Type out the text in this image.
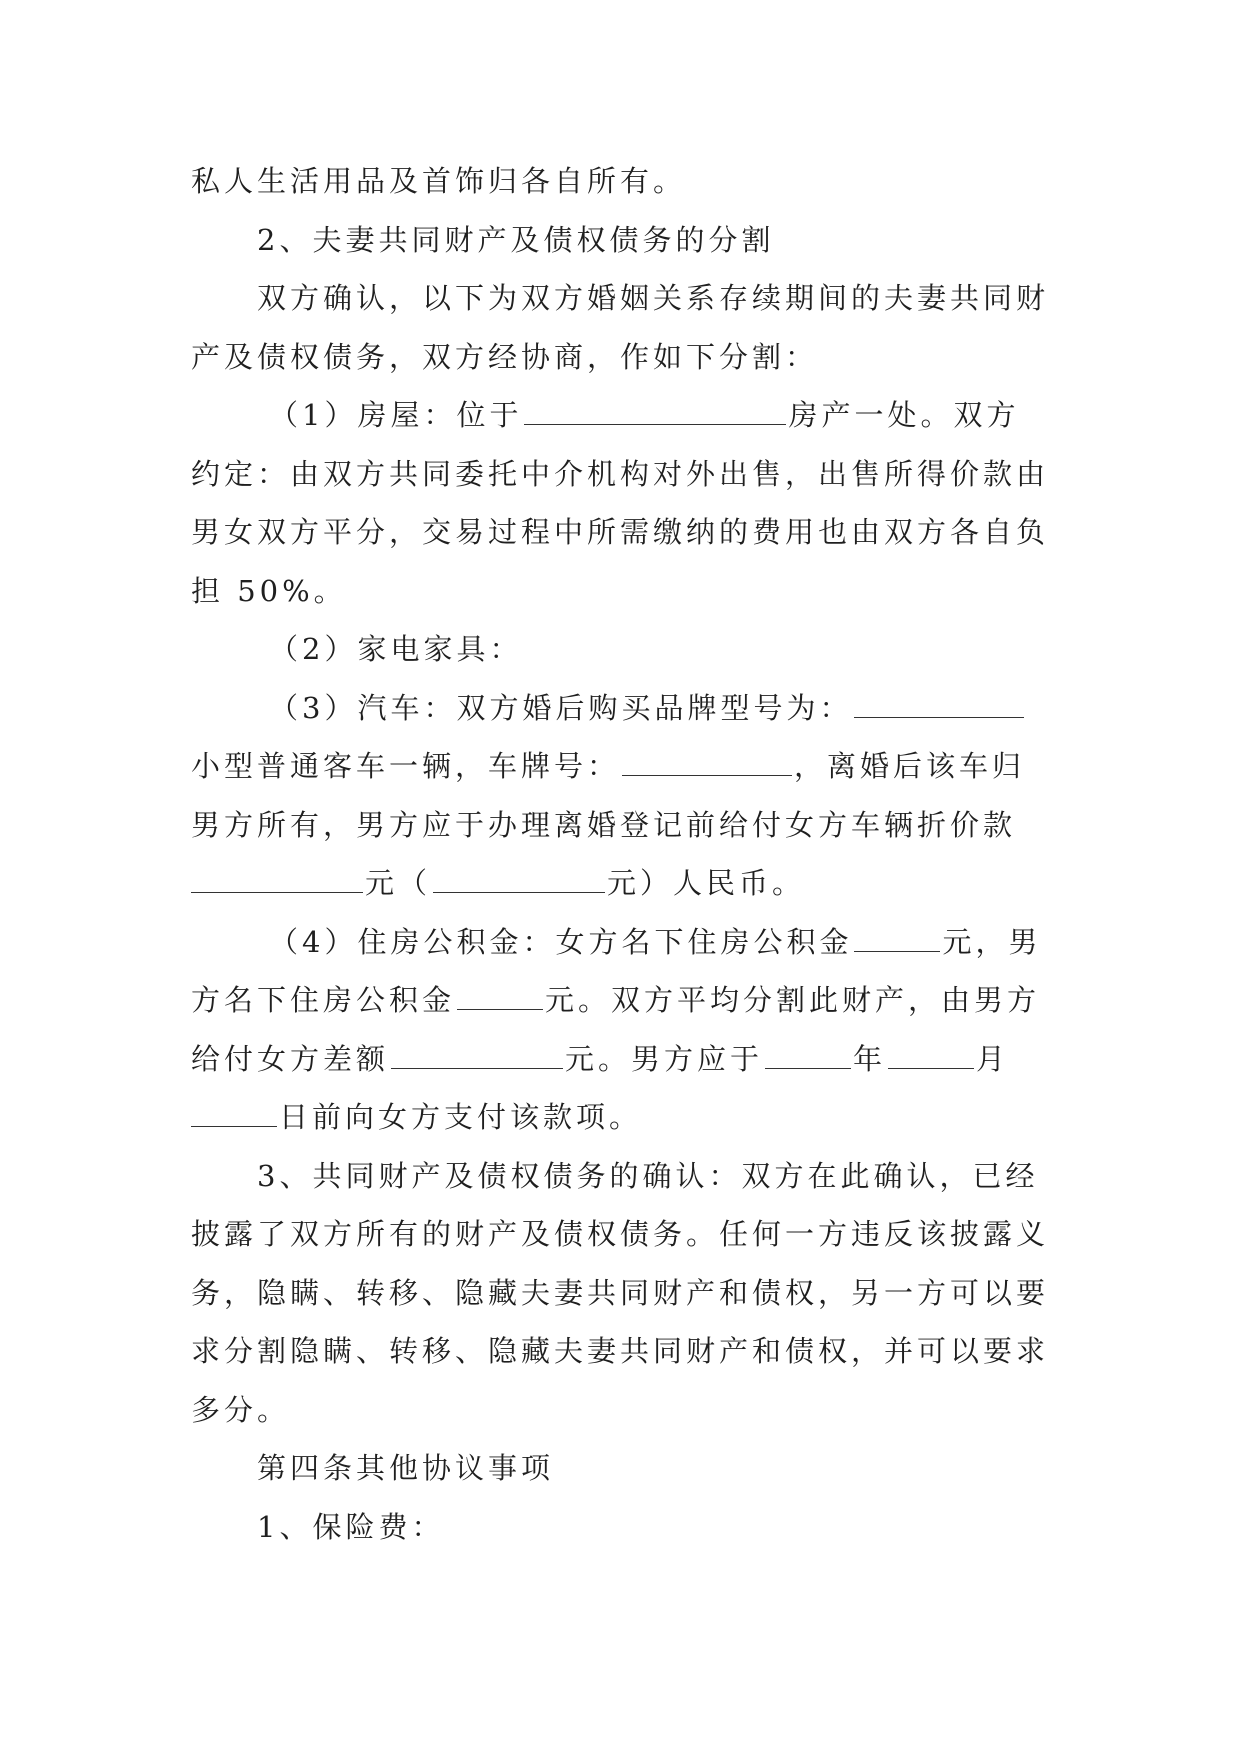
私人生活用品及首饰归各自所有。
2、夫妻共同财产及债权债务的分割
双方确认，以下为双方婚姻关系存续期间的夫妻共同财
产及债权债务，双方经协商，作如下分割：
（1）房屋：位于	房产一处。双方
约定：由双方共同委托中介机构对外出售，出售所得价款由
男女双方平分，交易过程中所需缴纳的费用也由双方各自负
担 50%。
（2）家电家具：
（3）汽车：双方婚后购买品牌型号为：
小型普通客车一辆，车牌号：	，离婚后该车归
男方所有，男方应于办理离婚登记前给付女方车辆折价款
元（	元）人民币。
（4）住房公积金：女方名下住房公积金	元，男
方名下住房公积金	元。双方平均分割此财产，由男方
给付女方差额	元。男方应于	年	月
日前向女方支付该款项。
3、共同财产及债权债务的确认：双方在此确认，已经
披露了双方所有的财产及债权债务。任何一方违反该披露义
务，隐瞒、转移、隐藏夫妻共同财产和债权，另一方可以要
求分割隐瞒、转移、隐藏夫妻共同财产和债权，并可以要求
多分。
第四条其他协议事项
1、保险费：
